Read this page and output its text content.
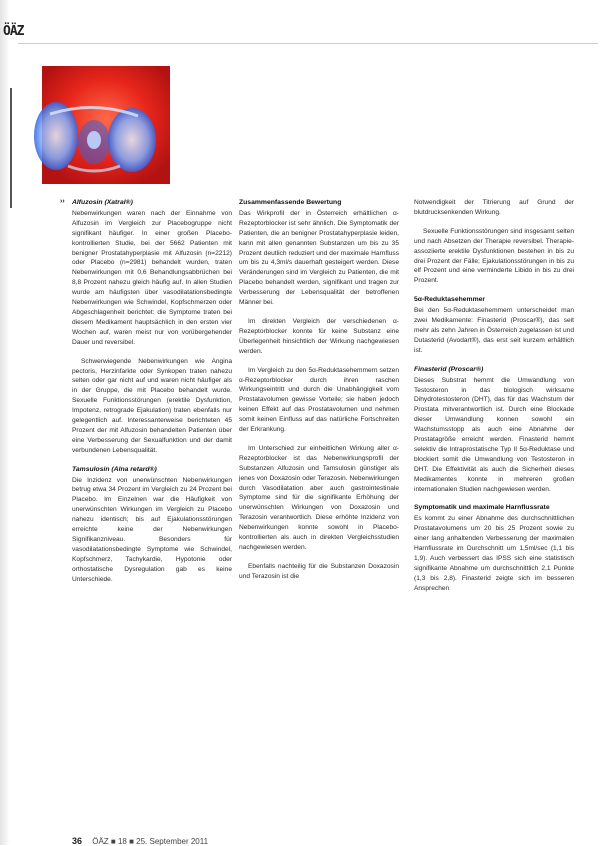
ÖÄZ
›› Alfuzosin (Xatral®)

Nebenwirkungen waren nach der Einnahme von Alfuzosin im Vergleich zur Placebogruppe nicht signifikant häufiger. In einer großen Placebo-kontrollierten Studie, bei der 5662 Patienten mit benigner Prostatahyperplasie mit Alfuzosin (n=2212) oder Placebo (n=2981) behandelt wurden, traten Nebenwirkungen mit 0,6 Behandlungsabbrüchen bei 8,8 Prozent nahezu gleich häufig auf. In allen Studien wurde am häufigsten über vasodilatationsbedingte Nebenwirkungen wie Schwindel, Kopfschmerzen oder Abgeschlagenheit berichtet: die Symptome traten bei diesem Medikament hauptsächlich in den ersten vier Wochen auf, waren meist nur von vorübergehender Dauer und reversibel.

Schwerwiegende Nebenwirkungen wie Angina pectoris, Herzinfarkte oder Synkopen traten nahezu selten oder gar nicht auf und waren nicht häufiger als in der Gruppe, die mit Placebo behandelt wurde. Sexuelle Funktionsstörungen (erektile Dysfunktion, Impotenz, retrograde Ejakulation) traten ebenfalls nur gelegentlich auf. Interessanterweise berichteten 45 Prozent der mit Alfuzosin behandelten Patienten über eine Verbesserung der Sexualfunktion und der damit verbundenen Lebensqualität.

Tamsulosin (Alna retard®)

Die Inzidenz von unerwünschten Nebenwirkungen betrug etwa 34 Prozent im Vergleich zu 24 Prozent bei Placebo. Im Einzelnen war die Häufigkeit von unerwünschten Wirkungen im Vergleich zu Placebo nahezu identisch; bis auf Ejakulationsstörungen erreichte keine der Nebenwirkungen Signifikanzniveau. Besonders für vasodilatationsbedingte Symptome wie Schwindel, Kopfschmerz, Tachykardie, Hypotonie oder orthostatische Dysregulation gab es keine Unterschiede.

Zusammenfassende Bewertung

Das Wirkprofil der in Österreich erhältlichen α-Rezeptorblocker ist sehr ähnlich. Die Symptomatik der Patienten, die an benigner Prostatahyperplasie leiden, kann mit allen genannten Substanzen um bis zu 35 Prozent deutlich reduziert und der maximale Harnfluss um bis zu 4,3ml/s dauerhaft gesteigert werden. Diese Veränderungen sind im Vergleich zu Patienten, die mit Placebo behandelt werden, signifikant und tragen zur Verbesserung der Lebensqualität der betroffenen Männer bei.

Im direkten Vergleich der verschiedenen α-Rezeptorblocker konnte für keine Substanz eine Überlegenheit hinsichtlich der Wirkung nachgewiesen werden.

Im Vergleich zu den 5α-Reduktasehemmern setzen α-Rezeptorblocker durch ihren raschen Wirkungseintritt und durch die Unabhängigkeit vom Prostatavolumen gewisse Vorteile; sie haben jedoch keinen Effekt auf das Prostatavolumen und nehmen somit keinen Einfluss auf das natürliche Fortschreiten der Erkrankung.

Im Unterschied zur einheitlichen Wirkung aller α-Rezeptorblocker ist das Nebenwirkungsprofil der Substanzen Alfuzosin und Tamsulosin günstiger als jenes von Doxazosin oder Terazosin. Nebenwirkungen durch Vasodilatation aber auch gastrointestinale Symptome sind für die signifikante Erhöhung der unerwünschten Wirkungen von Doxazosin und Terazosin verantwortlich. Diese erhöhte Inzidenz von Nebenwirkungen konnte sowohl in Placebo-kontrollierten als auch in direkten Vergleichsstudien nachgewiesen werden.

Ebenfalls nachteilig für die Substanzen Doxazosin und Terazosin ist die

Notwendigkeit der Titrierung auf Grund der blutdrucksenkenden Wirkung.

Sexuelle Funktionsstörungen sind insgesamt selten und nach Absetzen der Therapie reversibel. Therapie-assoziierte erektile Dysfunktionen bestehen in bis zu drei Prozent der Fälle; Ejakulationsstörungen in bis zu elf Prozent und eine verminderte Libido in bis zu drei Prozent.

5α-Reduktasehemmer

Bei den 5α-Reduktasehemmern unterscheidet man zwei Medikamente: Finasterid (Proscar®), das seit mehr als zehn Jahren in Österreich zugelassen ist und Dutasterid (Avodart®), das erst seit kurzem erhältlich ist.

Finasterid (Proscar®)

Dieses Substrat hemmt die Umwandlung von Testosteron in das biologisch wirksame Dihydrotestosteron (DHT), das für das Wachstum der Prostata mitverantwortlich ist. Durch eine Blockade dieser Umwandlung konnen sowohl ein Wachstumsstopp als auch eine Abnahme der Prostatagröße erreicht werden. Finasterid hemmt selektiv die Intraprostatische Typ II 5α-Reduktase und blockiert somit die Umwandlung von Testosteron in DHT. Die Effektivität als auch die Sicherheit dieses Medikamentes konnte in mehreren großen internationalen Studien nachgewiesen werden.

Symptomatik und maximale Harnflussrate

Es kommt zu einer Abnahme des durchschnittlichen Prostatavolumens um 20 bis 25 Prozent sowie zu einer lang anhaltenden Verbesserung der maximalen Harnflussrate im Durchschnitt um 1,5ml/sec (1,1 bis 1,9). Auch verbessert das IPSS sich eine statistisch signifikante Abnahme um durchschnittlich 2,1 Punkte (1,3 bis 2,8). Finasterid zeigte sich im besseren Ansprechen

36 ÖÄZ ■ 18 ■ 25. September 2011
